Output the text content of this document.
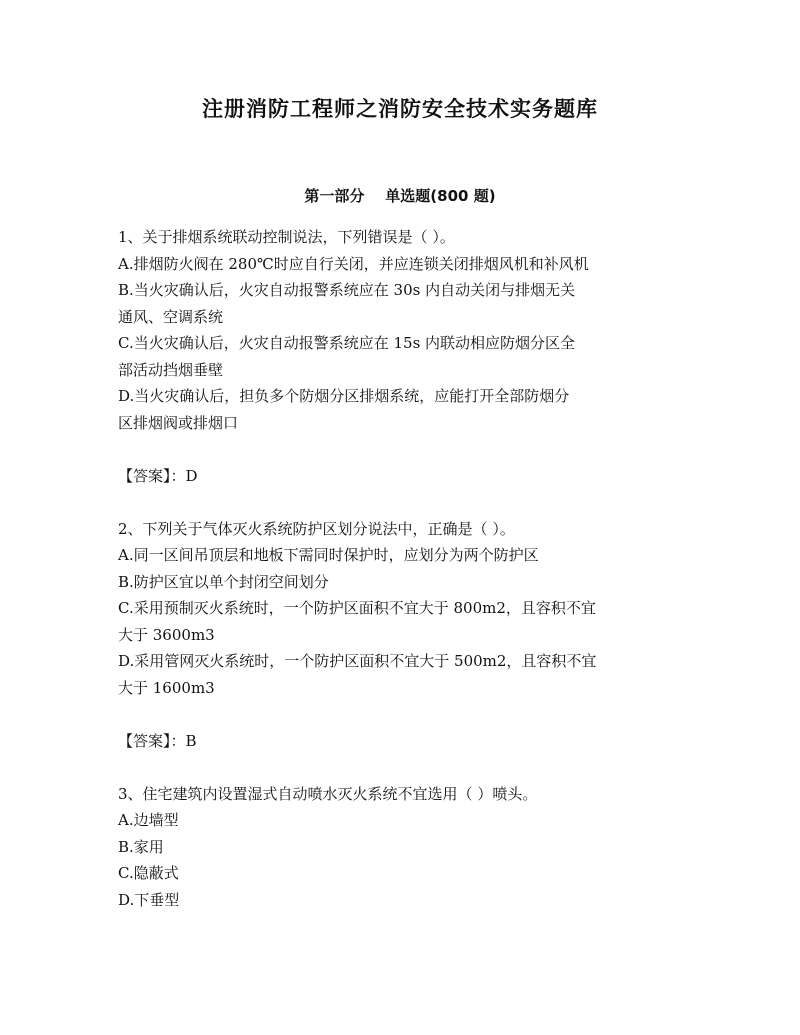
注册消防工程师之消防安全技术实务题库
第一部分    单选题(800 题)
1、关于排烟系统联动控制说法，下列错误是（ ）。
A.排烟防火阀在 280℃时应自行关闭，并应连锁关闭排烟风机和补风机
B.当火灾确认后，火灾自动报警系统应在 30s 内自动关闭与排烟无关
通风、空调系统
C.当火灾确认后，火灾自动报警系统应在 15s 内联动相应防烟分区全
部活动挡烟垂壁
D.当火灾确认后，担负多个防烟分区排烟系统，应能打开全部防烟分
区排烟阀或排烟口
【答案】：D
2、下列关于气体灭火系统防护区划分说法中，正确是（ ）。
A.同一区间吊顶层和地板下需同时保护时，应划分为两个防护区
B.防护区宜以单个封闭空间划分
C.采用预制灭火系统时，一个防护区面积不宜大于 800m2，且容积不宜
大于 3600m3
D.采用管网灭火系统时，一个防护区面积不宜大于 500m2，且容积不宜
大于 1600m3
【答案】：B
3、住宅建筑内设置湿式自动喷水灭火系统不宜选用（ ）喷头。
A.边墙型
B.家用
C.隐蔽式
D.下垂型
